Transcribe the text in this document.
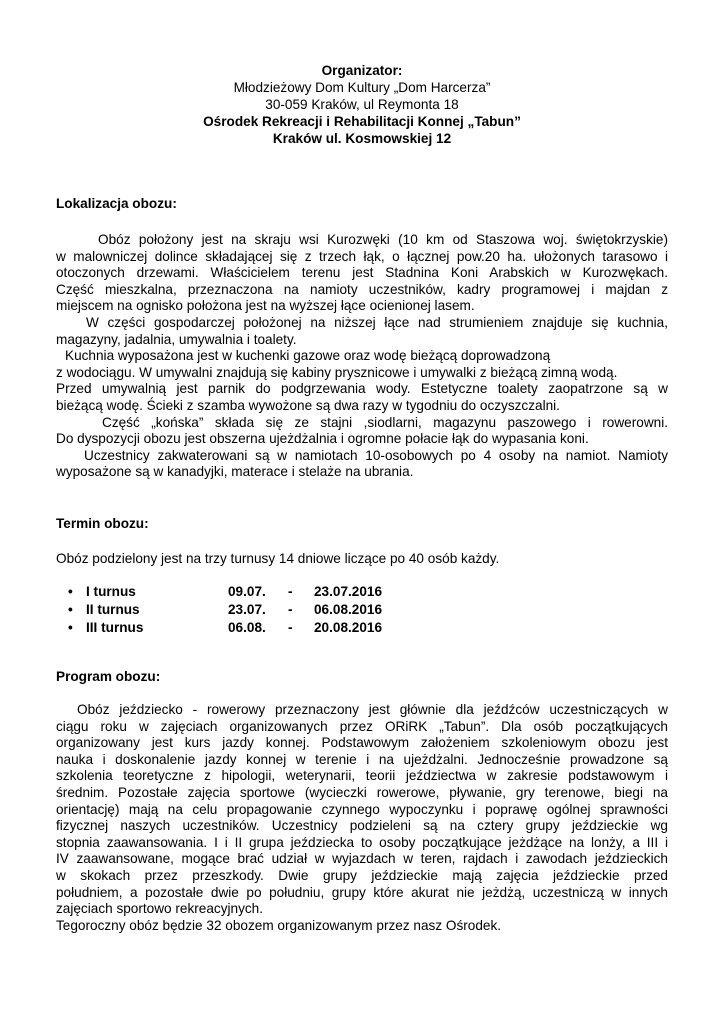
Organizator:
Młodzieżowy Dom Kultury „Dom Harcerza”
30-059 Kraków, ul Reymonta 18
Ośrodek Rekreacji i Rehabilitacji Konnej „Tabun”
Kraków ul. Kosmowskiej 12
Lokalizacja obozu:
Obóz położony jest na skraju wsi Kurozwęki (10 km od Staszowa woj. świętokrzyskie)
w malowniczej dolince składającej się z trzech łąk, o łącznej pow.20 ha. ułożonych tarasowo i
otoczonych drzewami. Właścicielem terenu jest Stadnina Koni Arabskich w Kurozwękach.
Część mieszkalna, przeznaczona na namioty uczestników, kadry programowej i majdan z
miejscem na ognisko położona jest na wyższej łące ocienionej lasem.
W części gospodarczej położonej na niższej łące nad strumieniem znajduje się kuchnia,
magazyny, jadalnia, umywalnia i toalety.
Kuchnia wyposażona jest w kuchenki gazowe oraz wodę bieżącą doprowadzoną
z wodociągu. W umywalni znajdują się kabiny prysznicowe i umywalki z bieżącą zimną wodą.
Przed umywalnią jest parnik do podgrzewania wody. Estetyczne toalety zaopatrzone są w
bieżącą wodę. Ścieki z szamba wywożone są dwa razy w tygodniu do oczyszczalni.
Część „końska” składa się ze stajni ,siodlarni, magazynu paszowego i rowerowni.
Do dyspozycji obozu jest obszerna ujeżdżalnia i ogromne połacie łąk do wypasania koni.
Uczestnicy zakwaterowani są w namiotach 10-osobowych po 4 osoby na namiot. Namioty
wyposażone są w kanadyjki, materace i stelaże na ubrania.
Termin obozu:
Obóz podzielony jest na trzy turnusy 14 dniowe liczące po 40 osób każdy.
• I turnus	09.07. - 23.07.2016
• II turnus	23.07. - 06.08.2016
• III turnus	06.08. - 20.08.2016
Program obozu:
Obóz jeździecko - rowerowy przeznaczony jest głównie dla jeźdźców uczestniczących w
ciągu roku w zajęciach organizowanych przez ORiRK „Tabun”. Dla osób początkujących
organizowany jest kurs jazdy konnej. Podstawowym założeniem szkoleniowym obozu jest
nauka i doskonalenie jazdy konnej w terenie i na ujeżdżalni. Jednocześnie prowadzone są
szkolenia teoretyczne z hipologii, weterynarii, teorii jeździectwa w zakresie podstawowym i
średnim. Pozostałe zajęcia sportowe (wycieczki rowerowe, pływanie, gry terenowe, biegi na
orientację) mają na celu propagowanie czynnego wypoczynku i poprawę ogólnej sprawności
fizycznej naszych uczestników. Uczestnicy podzieleni są na cztery grupy jeździeckie wg
stopnia zaawansowania. I i II grupa jeździecka to osoby początkujące jeżdżące na lonży, a III i
IV zaawansowane, mogące brać udział w wyjazdach w teren, rajdach i zawodach jeździeckich
w skokach przez przeszkody. Dwie grupy jeździeckie mają zajęcia jeździeckie przed
południem, a pozostałe dwie po południu, grupy które akurat nie jeżdżą, uczestniczą w innych
zajęciach sportowo rekreacyjnych.
Tegoroczny obóz będzie 32 obozem organizowanym przez nasz Ośrodek.
